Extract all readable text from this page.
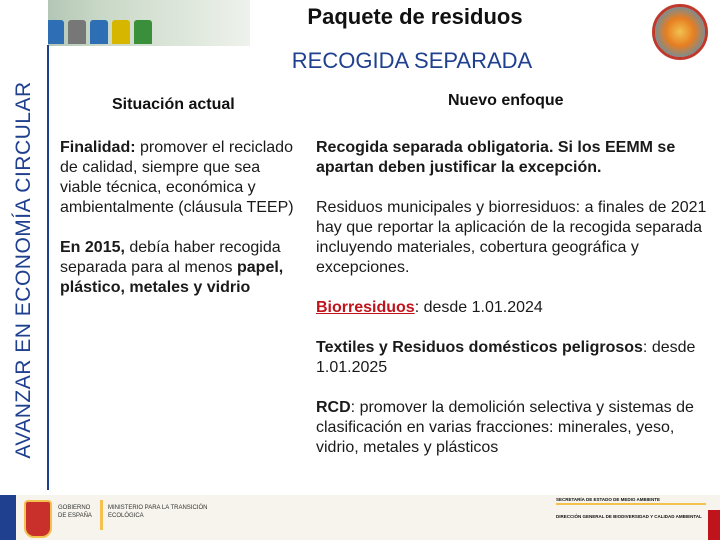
AVANZAR EN ECONOMÍA CIRCULAR
Paquete de residuos
RECOGIDA SEPARADA
Situación actual	Nuevo enfoque

Finalidad: promover el reciclado de calidad, siempre que sea viable técnica, económica y ambientalmente (cláusula TEEP)

En 2015, debía haber recogida separada para al menos papel, plástico, metales y vidrio

Recogida separada obligatoria. Si los EEMM se apartan deben justificar la excepción.

Residuos municipales y biorresiduos: a finales de 2021 hay que reportar la aplicación de la recogida separada incluyendo materiales, cobertura geográfica y excepciones.

Biorresiduos: desde 1.01.2024

Textiles y Residuos domésticos peligrosos: desde 1.01.2025

RCD: promover la demolición selectiva y sistemas de clasificación en varias fracciones: minerales, yeso, vidrio, metales y plásticos

GOBIERNO DE ESPAÑA
MINISTERIO PARA LA TRANSICIÓN ECOLÓGICA
SECRETARÍA DE ESTADO DE MEDIO AMBIENTE
DIRECCIÓN GENERAL DE BIODIVERSIDAD Y CALIDAD AMBIENTAL
